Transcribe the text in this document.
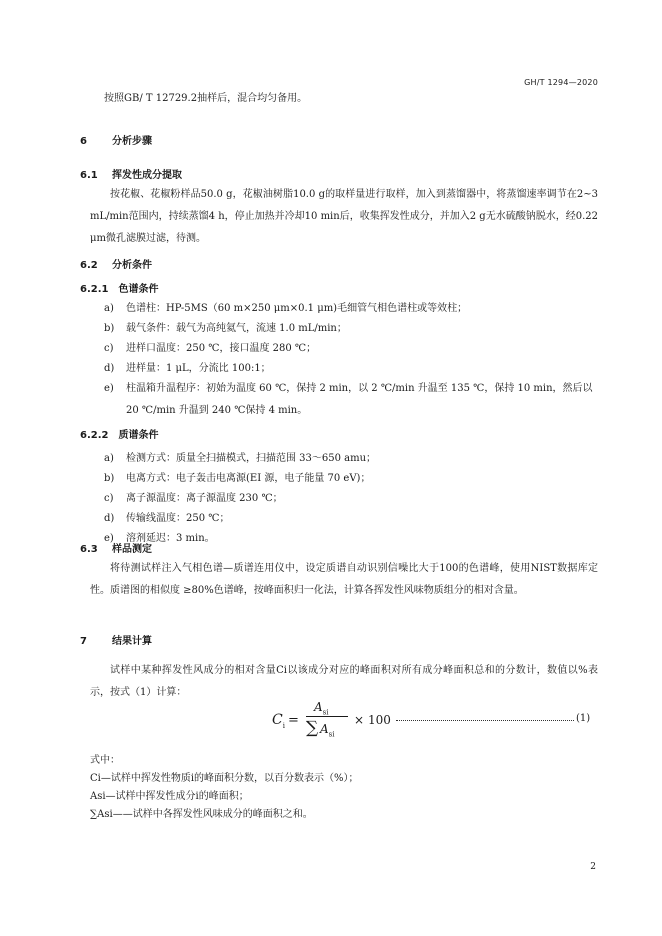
GH/T 1294—2020
按照GB/ T 12729.2抽样后，混合均匀备用。
6	分析步骤
6.1 挥发性成分提取
按花椒、花椒粉样品50.0 g，花椒油树脂10.0 g的取样量进行取样，加入到蒸馏器中，将蒸馏速率调节在2~3 mL/min范围内，持续蒸馏4 h，停止加热并冷却10 min后，收集挥发性成分，并加入2 g无水硫酸钠脱水，经0.22 μm微孔滤膜过滤，待测。
6.2 分析条件
6.2.1 色谱条件
a)	色谱柱：HP-5MS（60 m×250 μm×0.1 μm)毛细管气相色谱柱或等效柱；
b)	载气条件：载气为高纯氦气，流速 1.0 mL/min；
c)	进样口温度：250 ℃，接口温度 280 ℃；
d)	进样量：1 μL，分流比 100:1；
e)	柱温箱升温程序：初始为温度 60 ℃，保持 2 min，以 2 ℃/min 升温至 135 ℃，保持 10 min，然后以 20 ℃/min 升温到 240 ℃保持 4 min。
6.2.2 质谱条件
a)	检测方式：质量全扫描模式，扫描范围 33～650 amu；
b)	电离方式：电子轰击电离源(EI 源，电子能量 70 eV)；
c)	离子源温度：离子源温度 230 ℃；
d)	传输线温度：250 ℃；
e)	溶剂延迟：3 min。
6.3 样品测定
将待测试样注入气相色谱—质谱连用仪中，设定质谱自动识别信噪比大于100的色谱峰，使用NIST数据库定性。质谱图的相似度 ≥80%色谱峰，按峰面积归一化法，计算各挥发性风味物质组分的相对含量。
7	结果计算
试样中某种挥发性风成分的相对含量Ci以该成分对应的峰面积对所有成分峰面积总和的分数计，数值以%表示，按式（1）计算：
$C_i$ =
$A_{si}$
∑ $A_{si}$
× 100	(1)
式中：
Ci—试样中挥发性物质i的峰面积分数，以百分数表示（%）；
Asi—试样中挥发性成分i的峰面积；
∑Asi——试样中各挥发性风味成分的峰面积之和。
2
